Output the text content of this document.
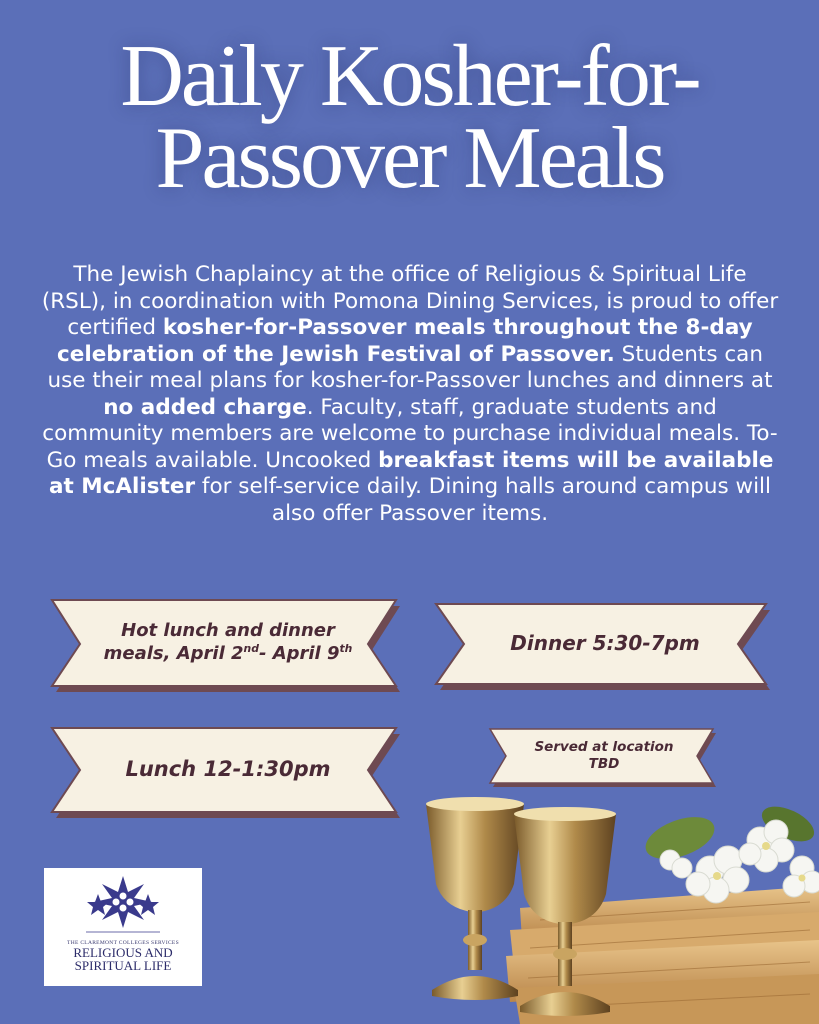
Daily Kosher-for-
Passover Meals
The Jewish Chaplaincy at the office of Religious & Spiritual Life (RSL), in coordination with Pomona Dining Services, is proud to offer certified kosher-for-Passover meals throughout the 8-day celebration of the Jewish Festival of Passover. Students can use their meal plans for kosher-for-Passover lunches and dinners at no added charge. Faculty, staff, graduate students and community members are welcome to purchase individual meals. To-Go meals available. Uncooked breakfast items will be available at McAlister for self-service daily. Dining halls around campus will also offer Passover items.
Hot lunch and dinner
meals, April 2nd- April 9th	Dinner 5:30-7pm
Lunch 12-1:30pm
Served at location
TBD
THE CLAREMONT COLLEGES SERVICES
RELIGIOUS AND
SPIRITUAL LIFE
